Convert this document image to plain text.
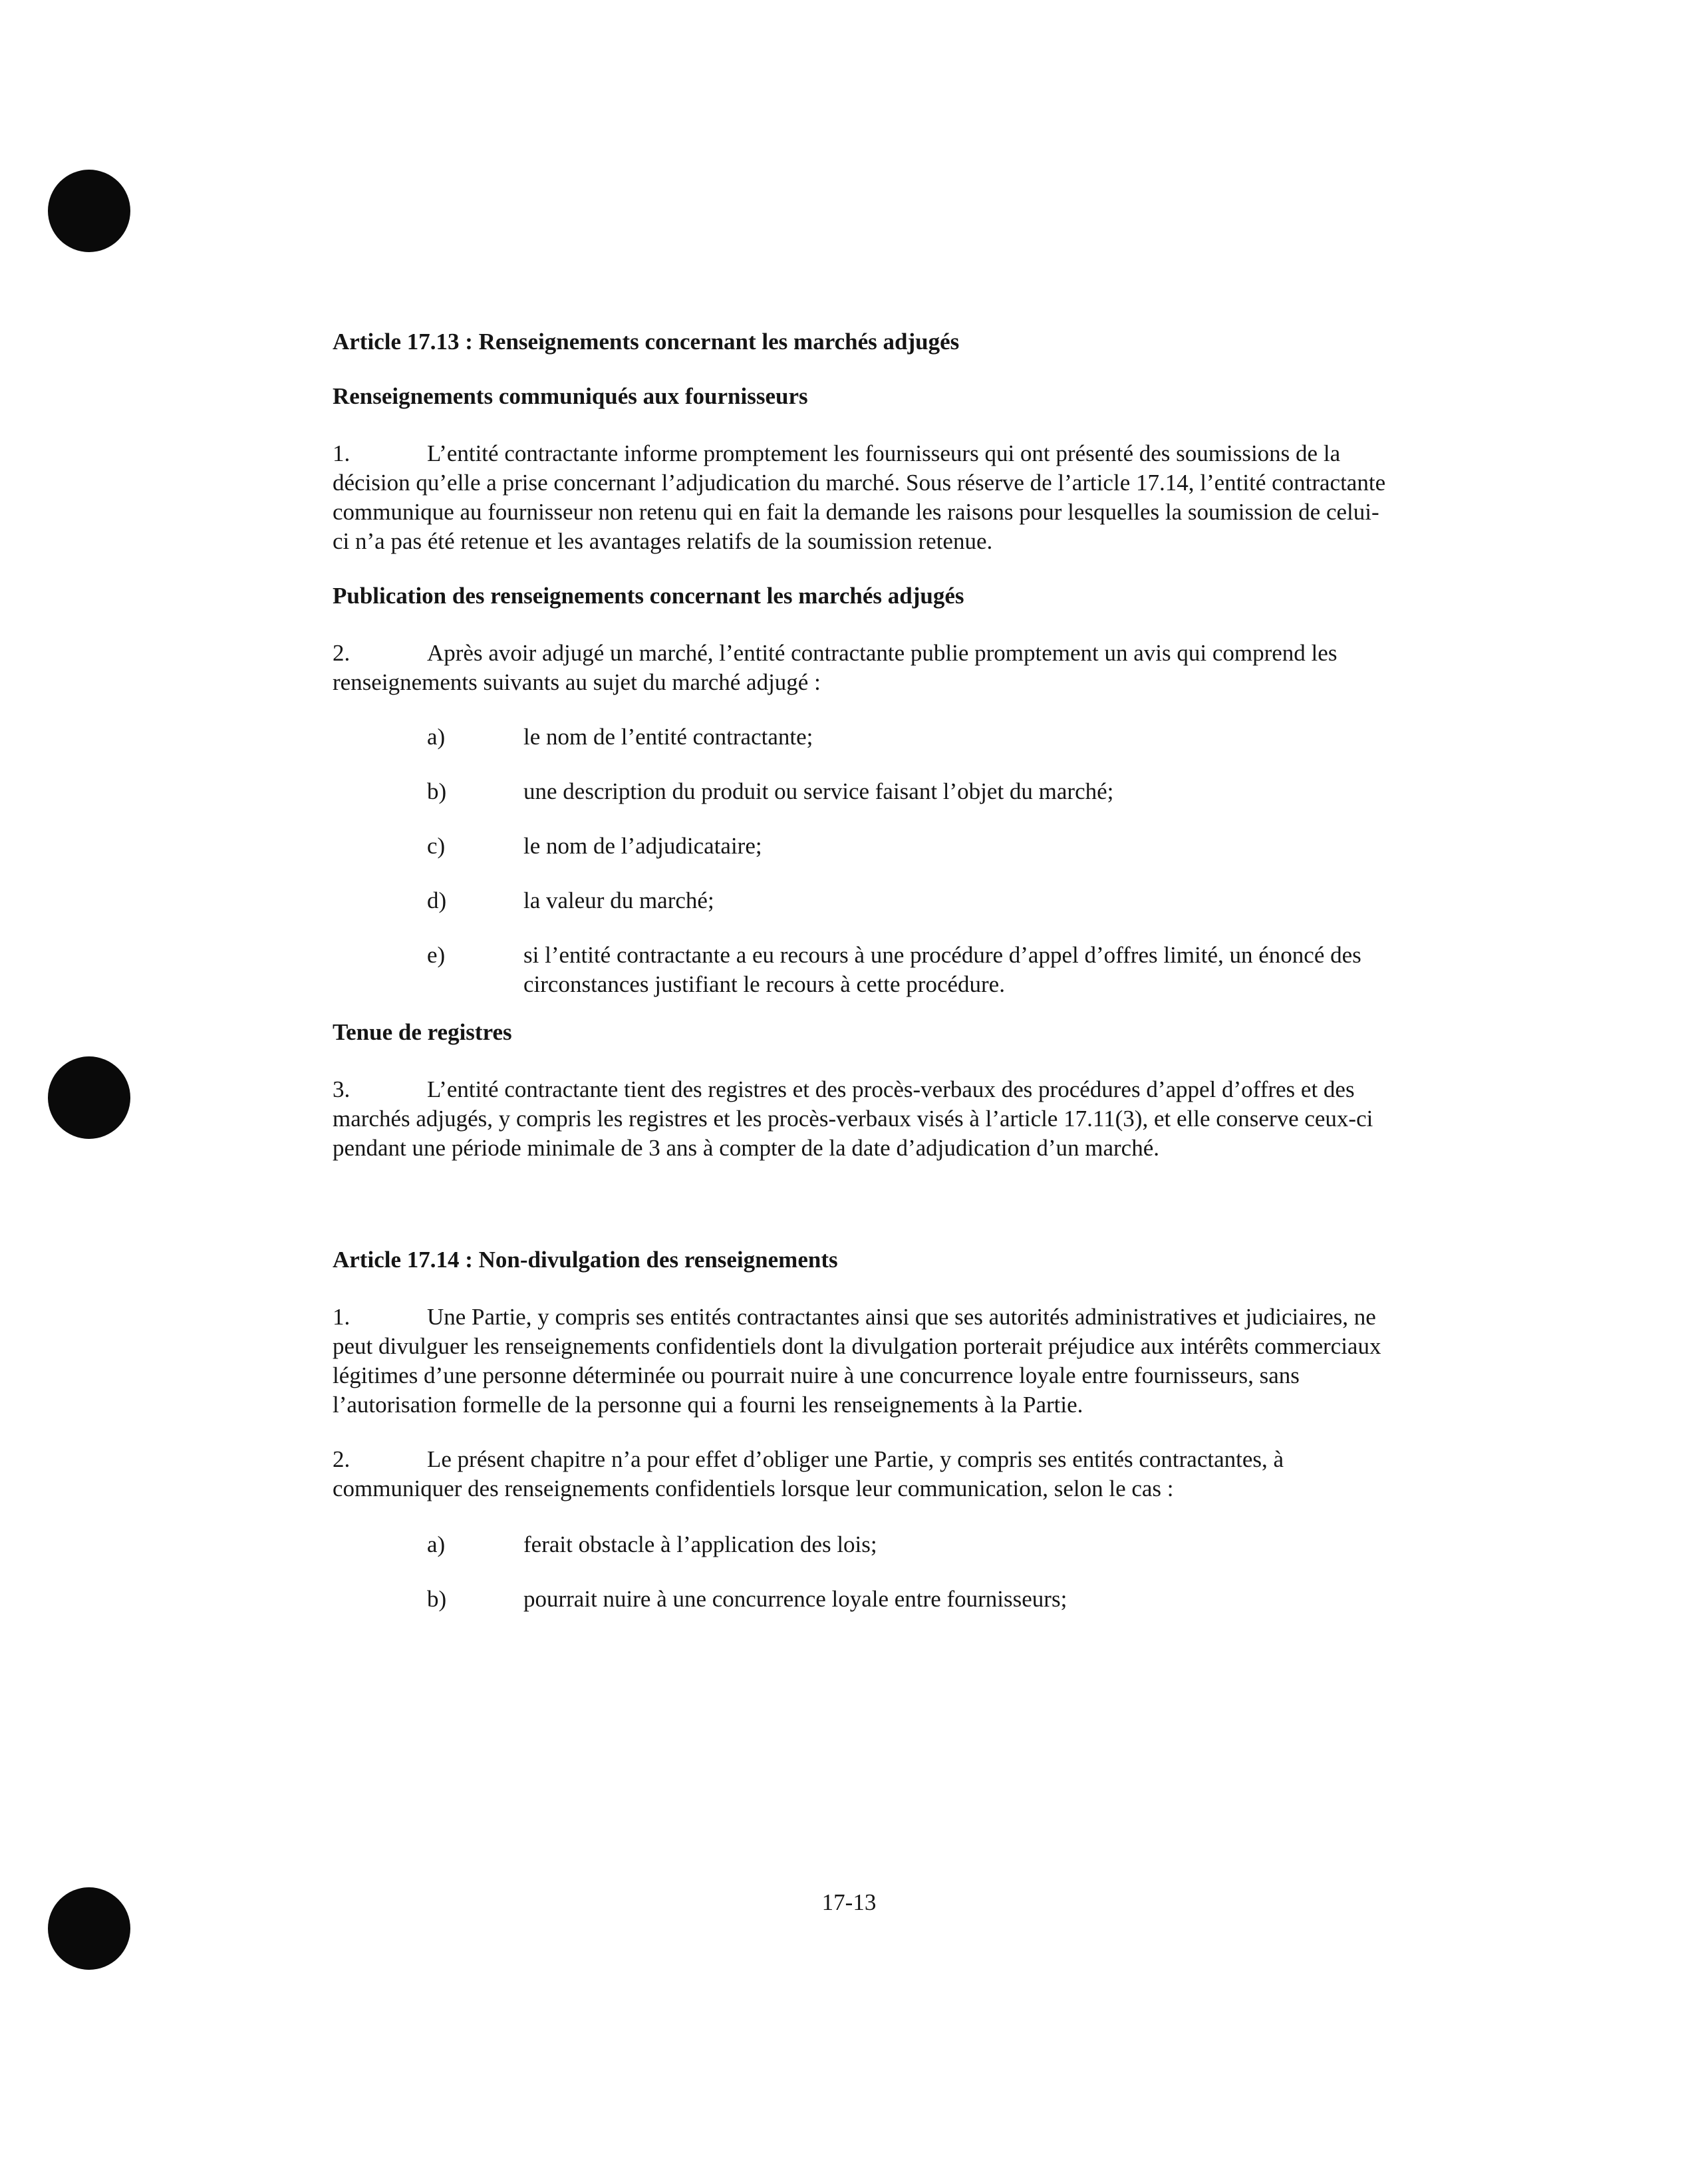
Article 17.13 : Renseignements concernant les marchés adjugés

Renseignements communiqués aux fournisseurs

1.	L’entité contractante informe promptement les fournisseurs qui ont présenté des soumissions de la décision qu’elle a prise concernant l’adjudication du marché. Sous réserve de l’article 17.14, l’entité contractante communique au fournisseur non retenu qui en fait la demande les raisons pour lesquelles la soumission de celui-ci n’a pas été retenue et les avantages relatifs de la soumission retenue.

Publication des renseignements concernant les marchés adjugés

2.	Après avoir adjugé un marché, l’entité contractante publie promptement un avis qui comprend les renseignements suivants au sujet du marché adjugé :

a)	le nom de l’entité contractante;

b)	une description du produit ou service faisant l’objet du marché;

c)	le nom de l’adjudicataire;

d)	la valeur du marché;

e)	si l’entité contractante a eu recours à une procédure d’appel d’offres limité, un énoncé des circonstances justifiant le recours à cette procédure.

Tenue de registres

3.	L’entité contractante tient des registres et des procès-verbaux des procédures d’appel d’offres et des marchés adjugés, y compris les registres et les procès-verbaux visés à l’article 17.11(3), et elle conserve ceux-ci pendant une période minimale de 3 ans à compter de la date d’adjudication d’un marché.

Article 17.14 : Non-divulgation des renseignements

1.	Une Partie, y compris ses entités contractantes ainsi que ses autorités administratives et judiciaires, ne peut divulguer les renseignements confidentiels dont la divulgation porterait préjudice aux intérêts commerciaux légitimes d’une personne déterminée ou pourrait nuire à une concurrence loyale entre fournisseurs, sans l’autorisation formelle de la personne qui a fourni les renseignements à la Partie.

2.	Le présent chapitre n’a pour effet d’obliger une Partie, y compris ses entités contractantes, à communiquer des renseignements confidentiels lorsque leur communication, selon le cas :

a)	ferait obstacle à l’application des lois;

b)	pourrait nuire à une concurrence loyale entre fournisseurs;

17-13
